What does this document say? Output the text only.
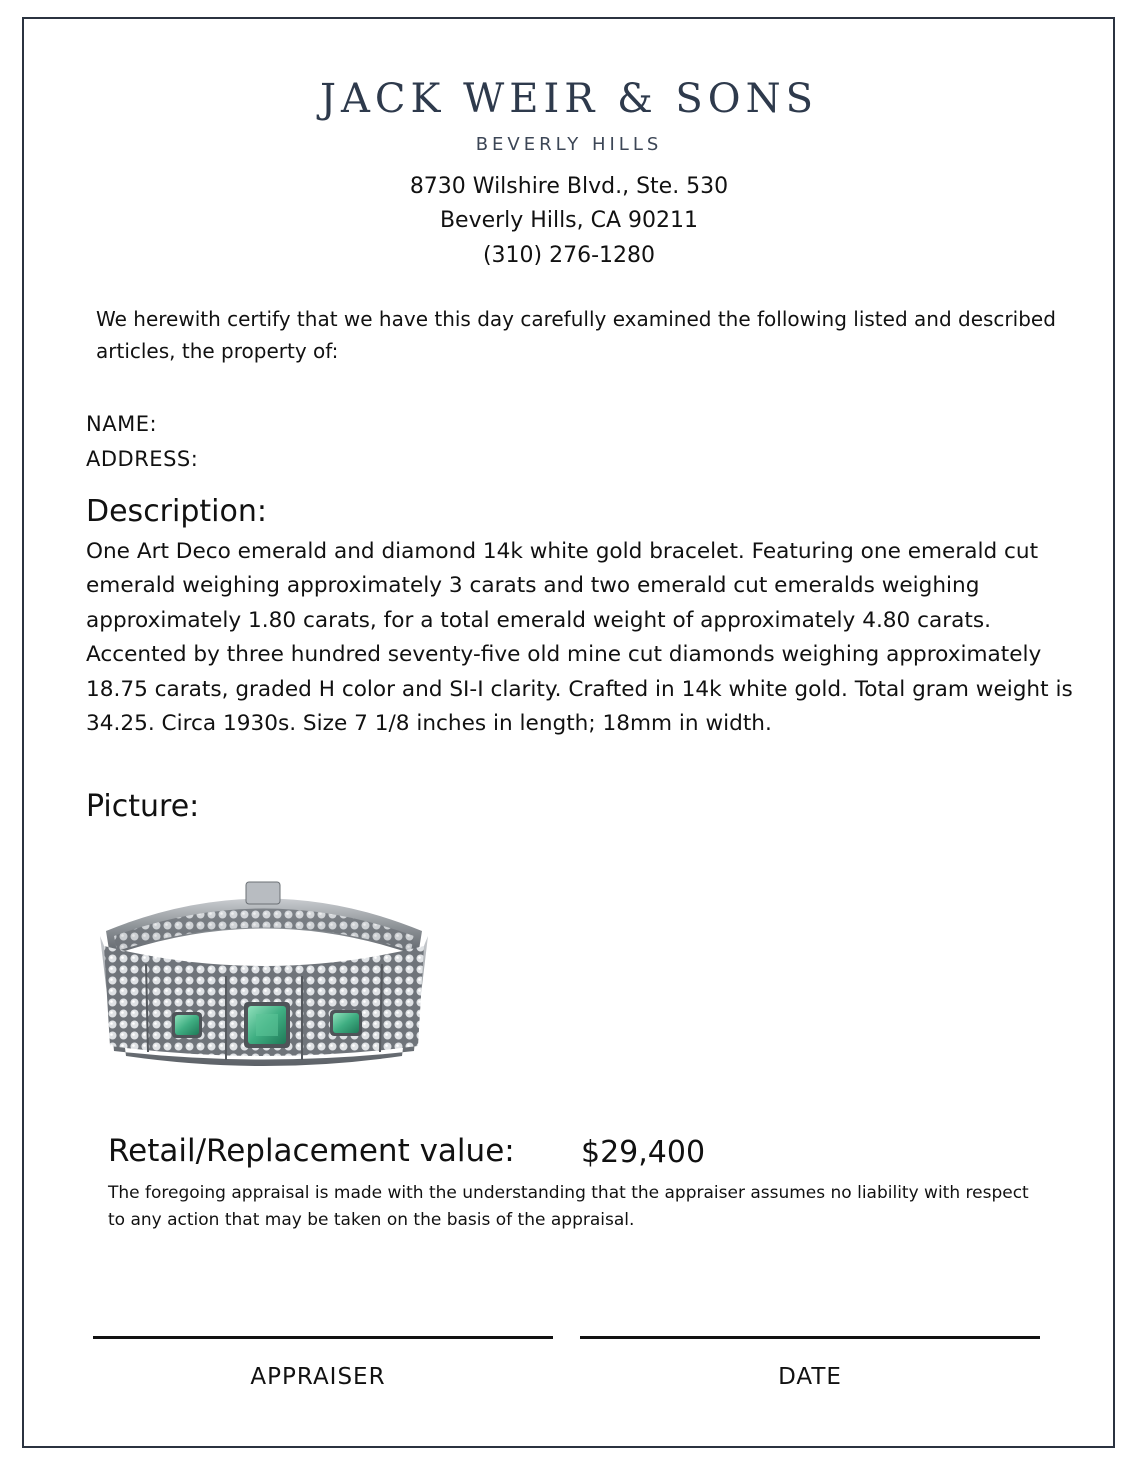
JACK WEIR & SONS
BEVERLY HILLS
8730 Wilshire Blvd., Ste. 530
Beverly Hills, CA 90211
(310) 276-1280
We herewith certify that we have this day carefully examined the following listed and described articles, the property of:
NAME:
ADDRESS:
Description:
One Art Deco emerald and diamond 14k white gold bracelet. Featuring one emerald cut emerald weighing approximately 3 carats and two emerald cut emeralds weighing approximately 1.80 carats, for a total emerald weight of approximately 4.80 carats. Accented by three hundred seventy-five old mine cut diamonds weighing approximately 18.75 carats, graded H color and SI-I clarity. Crafted in 14k white gold. Total gram weight is 34.25. Circa 1930s. Size 7 1/8 inches in length; 18mm in width.
Picture:
Retail/Replacement value: $29,400
The foregoing appraisal is made with the understanding that the appraiser assumes no liability with respect to any action that may be taken on the basis of the appraisal.
APPRAISER	DATE
